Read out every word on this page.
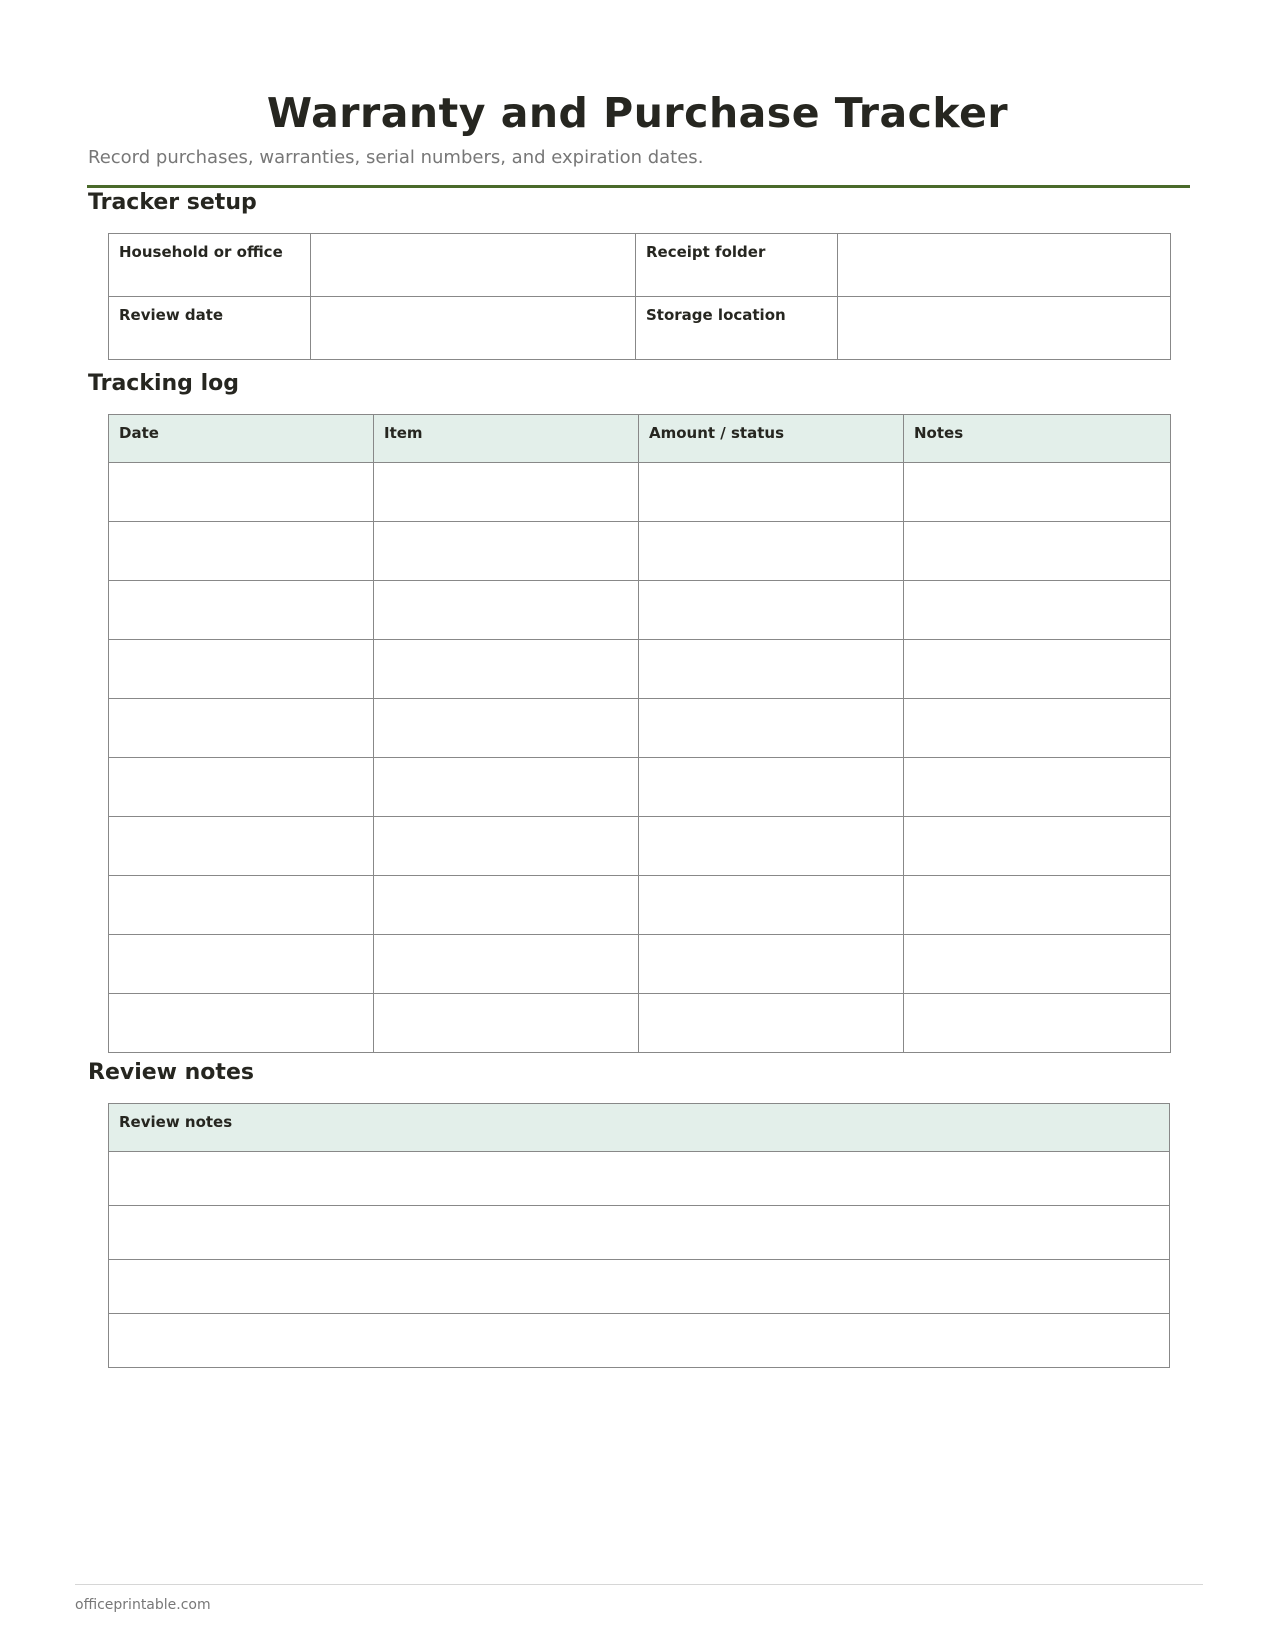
Warranty and Purchase Tracker

Record purchases, warranties, serial numbers, and expiration dates.

Tracker setup
Household or office		Receipt folder	
Review date		Storage location	
Tracking log
Date	Item	Amount / status	Notes

Review notes
Review notes

officeprintable.com
